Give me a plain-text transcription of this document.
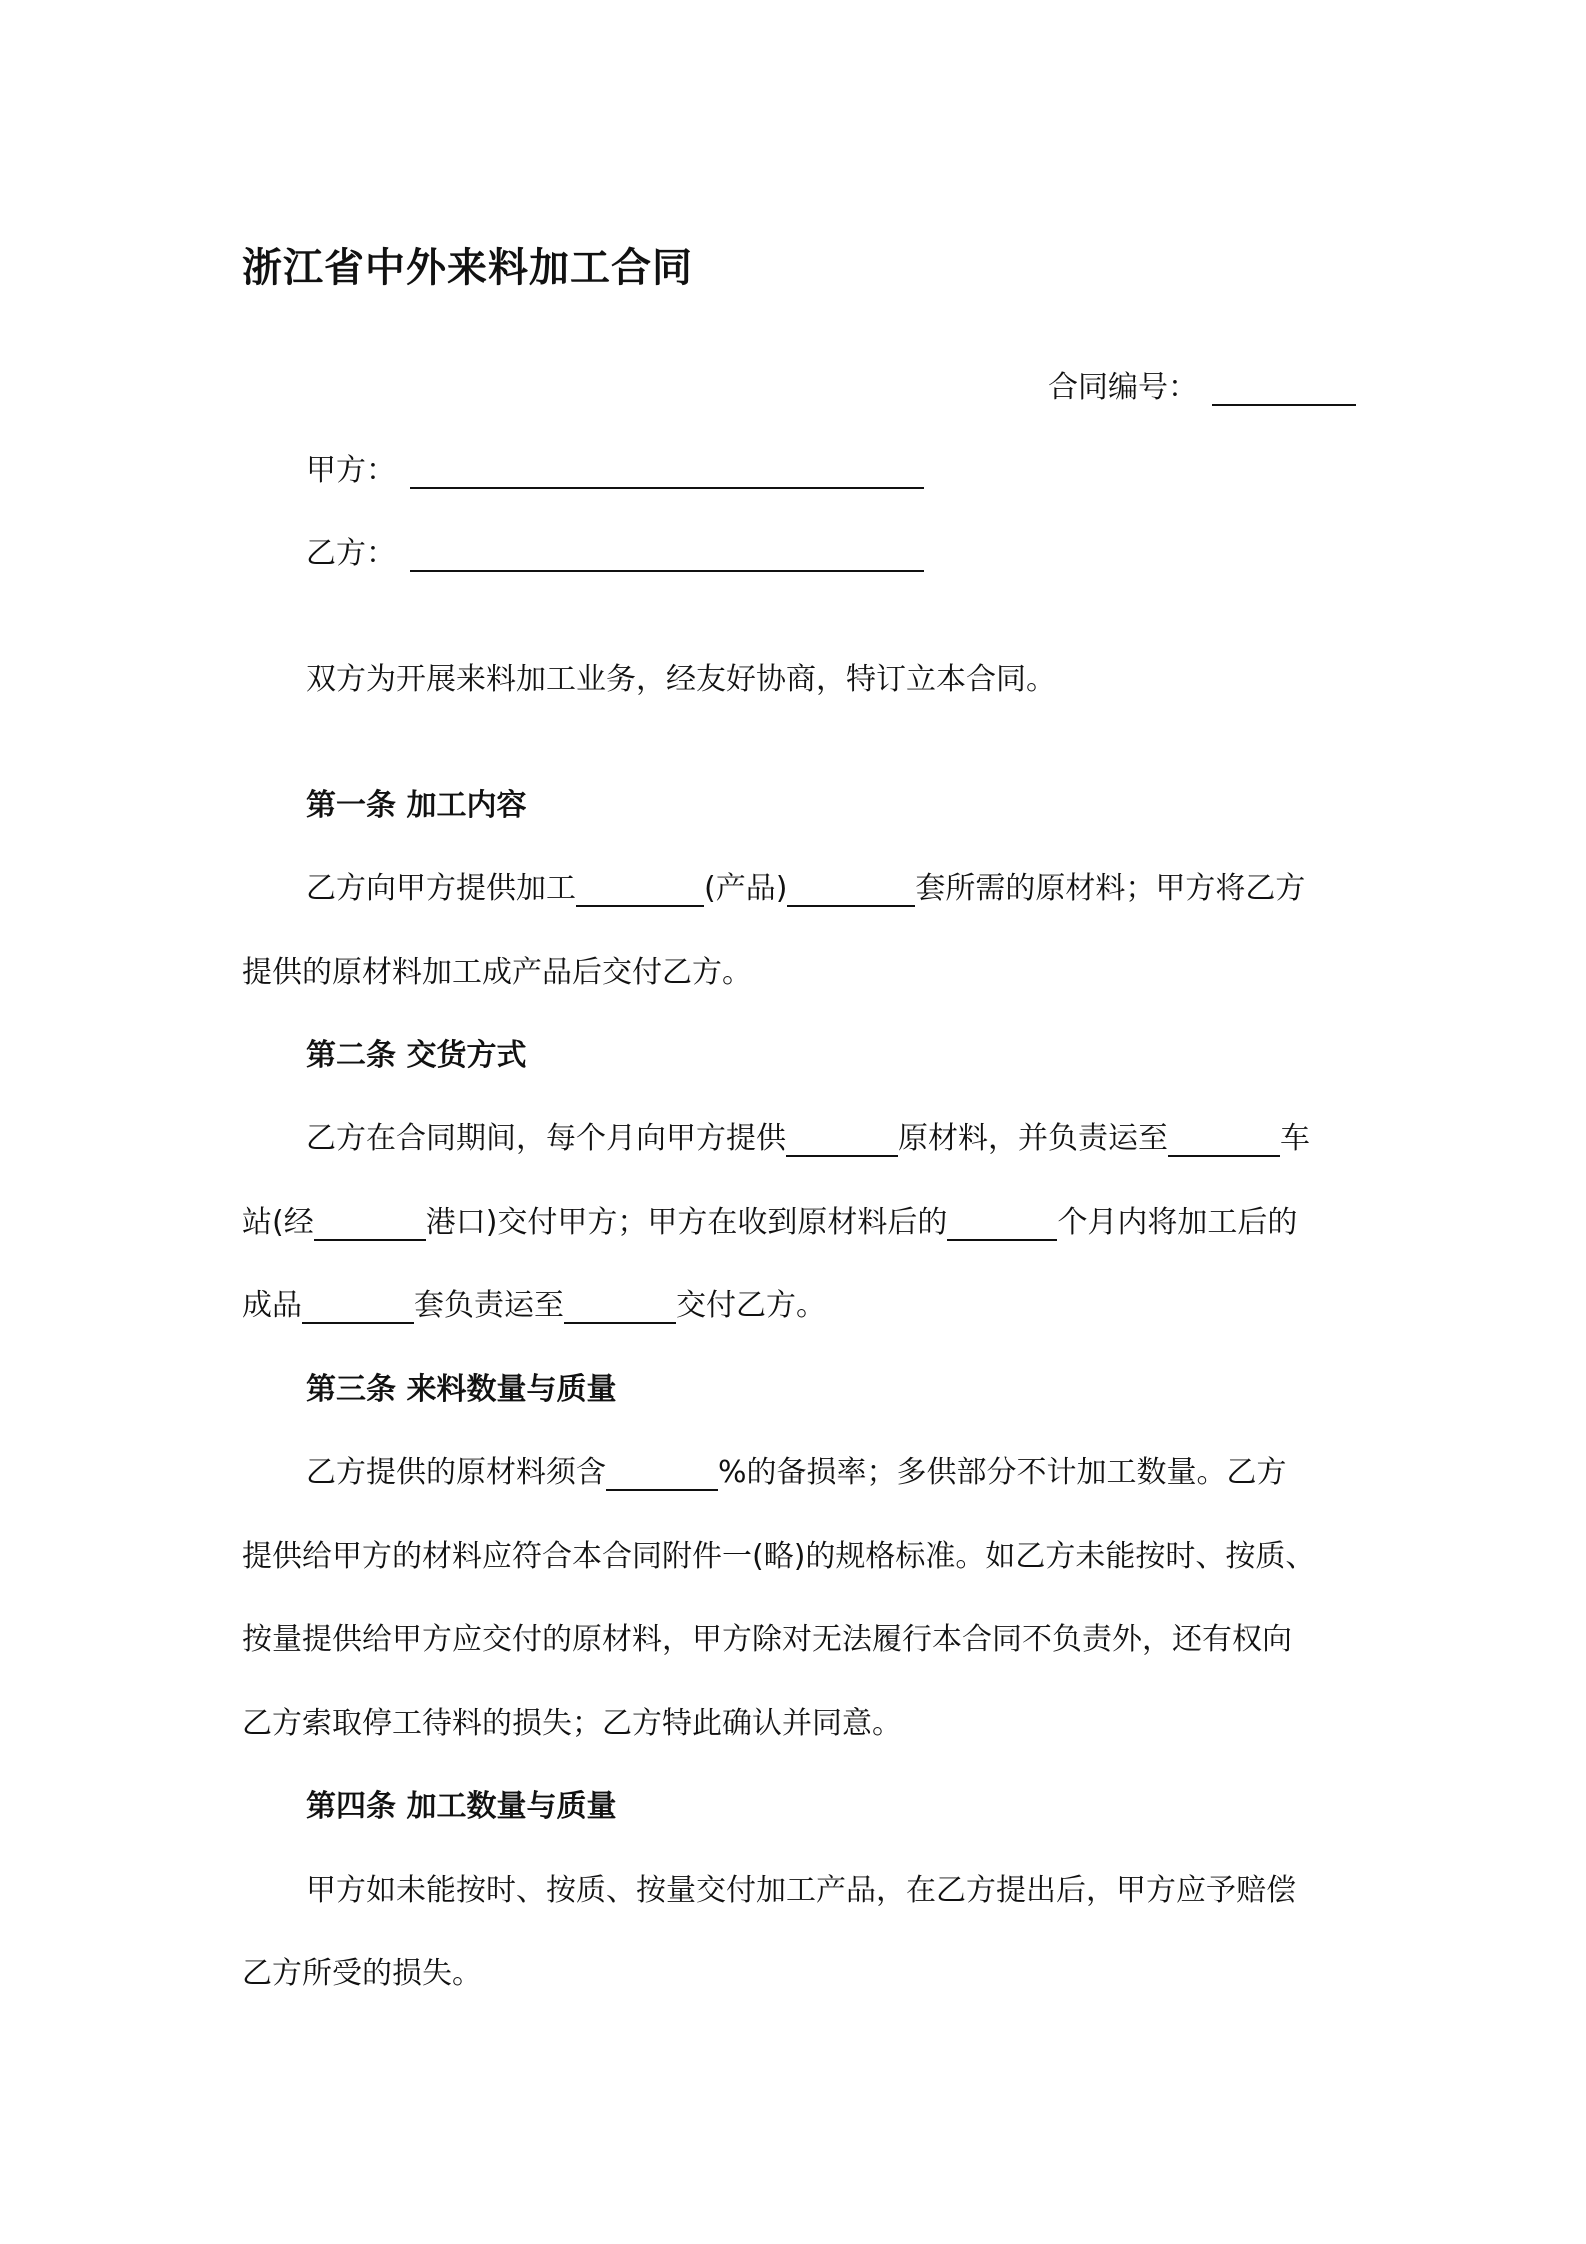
浙江省中外来料加工合同
合同编号：
甲方：
乙方：
双方为开展来料加工业务，经友好协商，特订立本合同。
第一条 加工内容
乙方向甲方提供加工	(产品)	套所需的原材料；甲方将乙方
提供的原材料加工成产品后交付乙方。
第二条 交货方式
乙方在合同期间，每个月向甲方提供	原材料，并负责运至	车
站(经	港口)交付甲方；甲方在收到原材料后的	个月内将加工后的
成品	套负责运至	交付乙方。
第三条 来料数量与质量
乙方提供的原材料须含	%的备损率；多供部分不计加工数量。乙方
提供给甲方的材料应符合本合同附件一(略)的规格标准。如乙方未能按时、按质、
按量提供给甲方应交付的原材料，甲方除对无法履行本合同不负责外，还有权向
乙方索取停工待料的损失；乙方特此确认并同意。
第四条 加工数量与质量
甲方如未能按时、按质、按量交付加工产品，在乙方提出后，甲方应予赔偿
乙方所受的损失。
